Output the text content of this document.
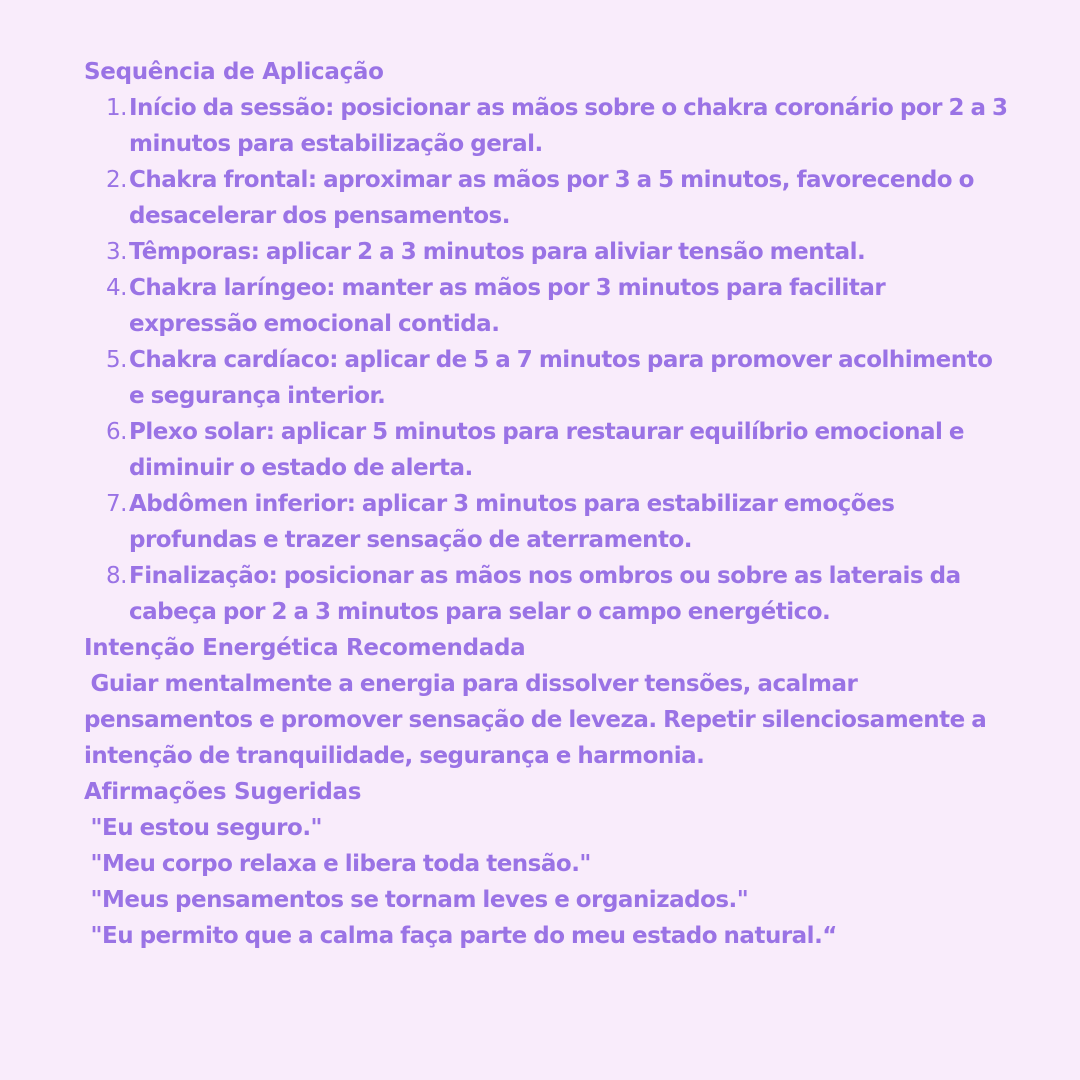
Sequência de Aplicação
1. Início da sessão: posicionar as mãos sobre o chakra coronário por 2 a 3 minutos para estabilização geral.
2. Chakra frontal: aproximar as mãos por 3 a 5 minutos, favorecendo o desacelerar dos pensamentos.
3. Têmporas: aplicar 2 a 3 minutos para aliviar tensão mental.
4. Chakra laríngeo: manter as mãos por 3 minutos para facilitar expressão emocional contida.
5. Chakra cardíaco: aplicar de 5 a 7 minutos para promover acolhimento e segurança interior.
6. Plexo solar: aplicar 5 minutos para restaurar equilíbrio emocional e diminuir o estado de alerta.
7. Abdômen inferior: aplicar 3 minutos para estabilizar emoções profundas e trazer sensação de aterramento.
8. Finalização: posicionar as mãos nos ombros ou sobre as laterais da cabeça por 2 a 3 minutos para selar o campo energético.
Intenção Energética Recomendada

Guiar mentalmente a energia para dissolver tensões, acalmar pensamentos e promover sensação de leveza. Repetir silenciosamente a intenção de tranquilidade, segurança e harmonia.

Afirmações Sugeridas
"Eu estou seguro."
"Meu corpo relaxa e libera toda tensão."
"Meus pensamentos se tornam leves e organizados."
"Eu permito que a calma faça parte do meu estado natural.“
